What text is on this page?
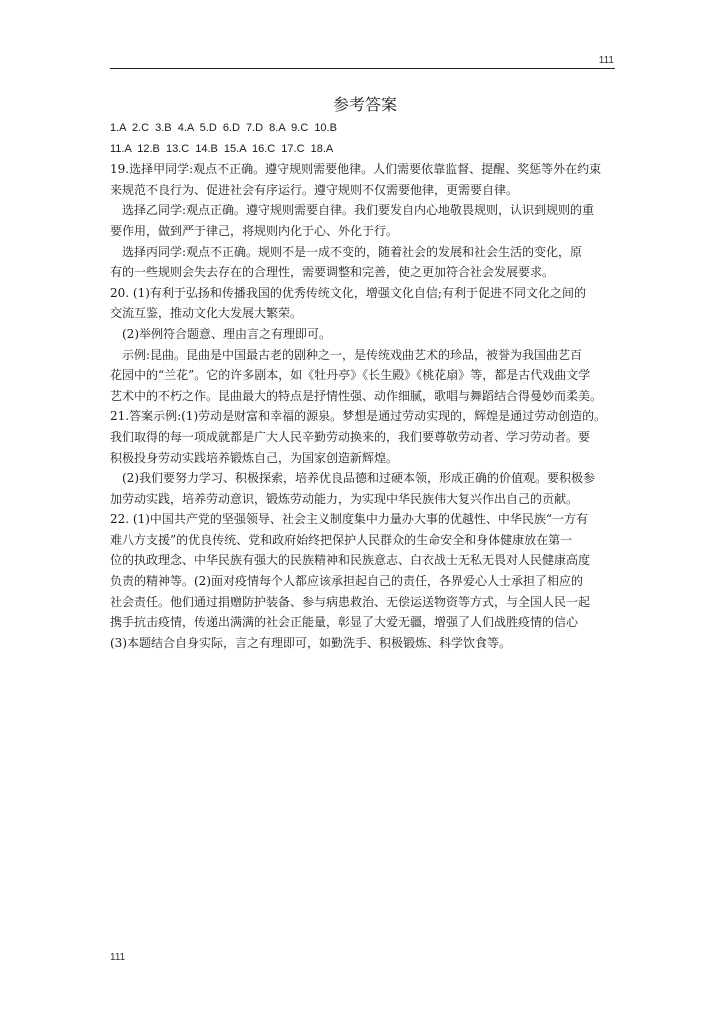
111
参考答案
1.A 2.C 3.B 4.A 5.D 6.D 7.D 8.A 9.C 10.B
11.A 12.B 13.C 14.B 15.A 16.C 17.C 18.A
19.选择甲同学:观点不正确。遵守规则需要他律。人们需要依靠监督、提醒、奖惩等外在约束
来规范不良行为、促进社会有序运行。遵守规则不仅需要他律，更需要自律。
选择乙同学:观点正确。遵守规则需要自律。我们要发自内心地敬畏规则，认识到规则的重
要作用，做到严于律己，将规则内化于心、外化于行。
选择丙同学:观点不正确。规则不是一成不变的，随着社会的发展和社会生活的变化，原
有的一些规则会失去存在的合理性，需要调整和完善，使之更加符合社会发展要求。
20. (1)有利于弘扬和传播我国的优秀传统文化，增强文化自信;有利于促进不同文化之间的
交流互鉴，推动文化大发展大繁荣。
(2)举例符合题意、理由言之有理即可。
示例:昆曲。昆曲是中国最古老的剧种之一，是传统戏曲艺术的珍品，被誉为我国曲艺百
花园中的“兰花”。它的许多剧本，如《牡丹亭》《长生殿》《桃花扇》等，都是古代戏曲文学
艺术中的不朽之作。昆曲最大的特点是抒情性强、动作细腻，歌唱与舞蹈结合得曼妙而柔美。
21.答案示例:(1)劳动是财富和幸福的源泉。梦想是通过劳动实现的，辉煌是通过劳动创造的。
我们取得的每一项成就都是广大人民辛勤劳动换来的，我们要尊敬劳动者、学习劳动者。要
积极投身劳动实践培养锻炼自己，为国家创造新辉煌。
(2)我们要努力学习、积极探索，培养优良品德和过硬本领，形成正确的价值观。要积极参
加劳动实践，培养劳动意识，锻炼劳动能力，为实现中华民族伟大复兴作出自己的贡献。
22. (1)中国共产党的坚强领导、社会主义制度集中力量办大事的优越性、中华民族“一方有
难八方支援”的优良传统、党和政府始终把保护人民群众的生命安全和身体健康放在第一
位的执政理念、中华民族有强大的民族精神和民族意志、白衣战士无私无畏对人民健康高度
负责的精神等。(2)面对疫情每个人都应该承担起自己的责任，各界爱心人士承担了相应的
社会责任。他们通过捐赠防护装备、参与病患救治、无偿运送物资等方式，与全国人民一起
携手抗击疫情，传递出满满的社会正能量，彰显了大爱无疆，增强了人们战胜疫情的信心
(3)本题结合自身实际，言之有理即可，如勤洗手、积极锻炼、科学饮食等。
111
